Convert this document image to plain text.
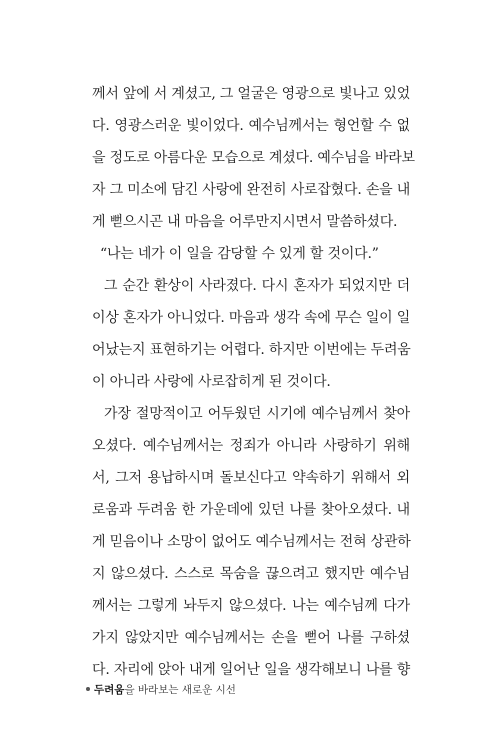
께서 앞에 서 계셨고, 그 얼굴은 영광으로 빛나고 있었
다. 영광스러운 빛이었다. 예수님께서는 형언할 수 없
을 정도로 아름다운 모습으로 계셨다. 예수님을 바라보
자 그 미소에 담긴 사랑에 완전히 사로잡혔다. 손을 내
게 뻗으시곤 내 마음을 어루만지시면서 말씀하셨다.
“나는 네가 이 일을 감당할 수 있게 할 것이다.”
그 순간 환상이 사라졌다. 다시 혼자가 되었지만 더
이상 혼자가 아니었다. 마음과 생각 속에 무슨 일이 일
어났는지 표현하기는 어렵다. 하지만 이번에는 두려움
이 아니라 사랑에 사로잡히게 된 것이다.
가장 절망적이고 어두웠던 시기에 예수님께서 찾아
오셨다. 예수님께서는 정죄가 아니라 사랑하기 위해
서, 그저 용납하시며 돌보신다고 약속하기 위해서 외
로움과 두려움 한 가운데에 있던 나를 찾아오셨다. 내
게 믿음이나 소망이 없어도 예수님께서는 전혀 상관하
지 않으셨다. 스스로 목숨을 끊으려고 했지만 예수님
께서는 그렇게 놔두지 않으셨다. 나는 예수님께 다가
가지 않았지만 예수님께서는 손을 뻗어 나를 구하셨
다. 자리에 앉아 내게 일어난 일을 생각해보니 나를 향
두려움을 바라보는 새로운 시선
